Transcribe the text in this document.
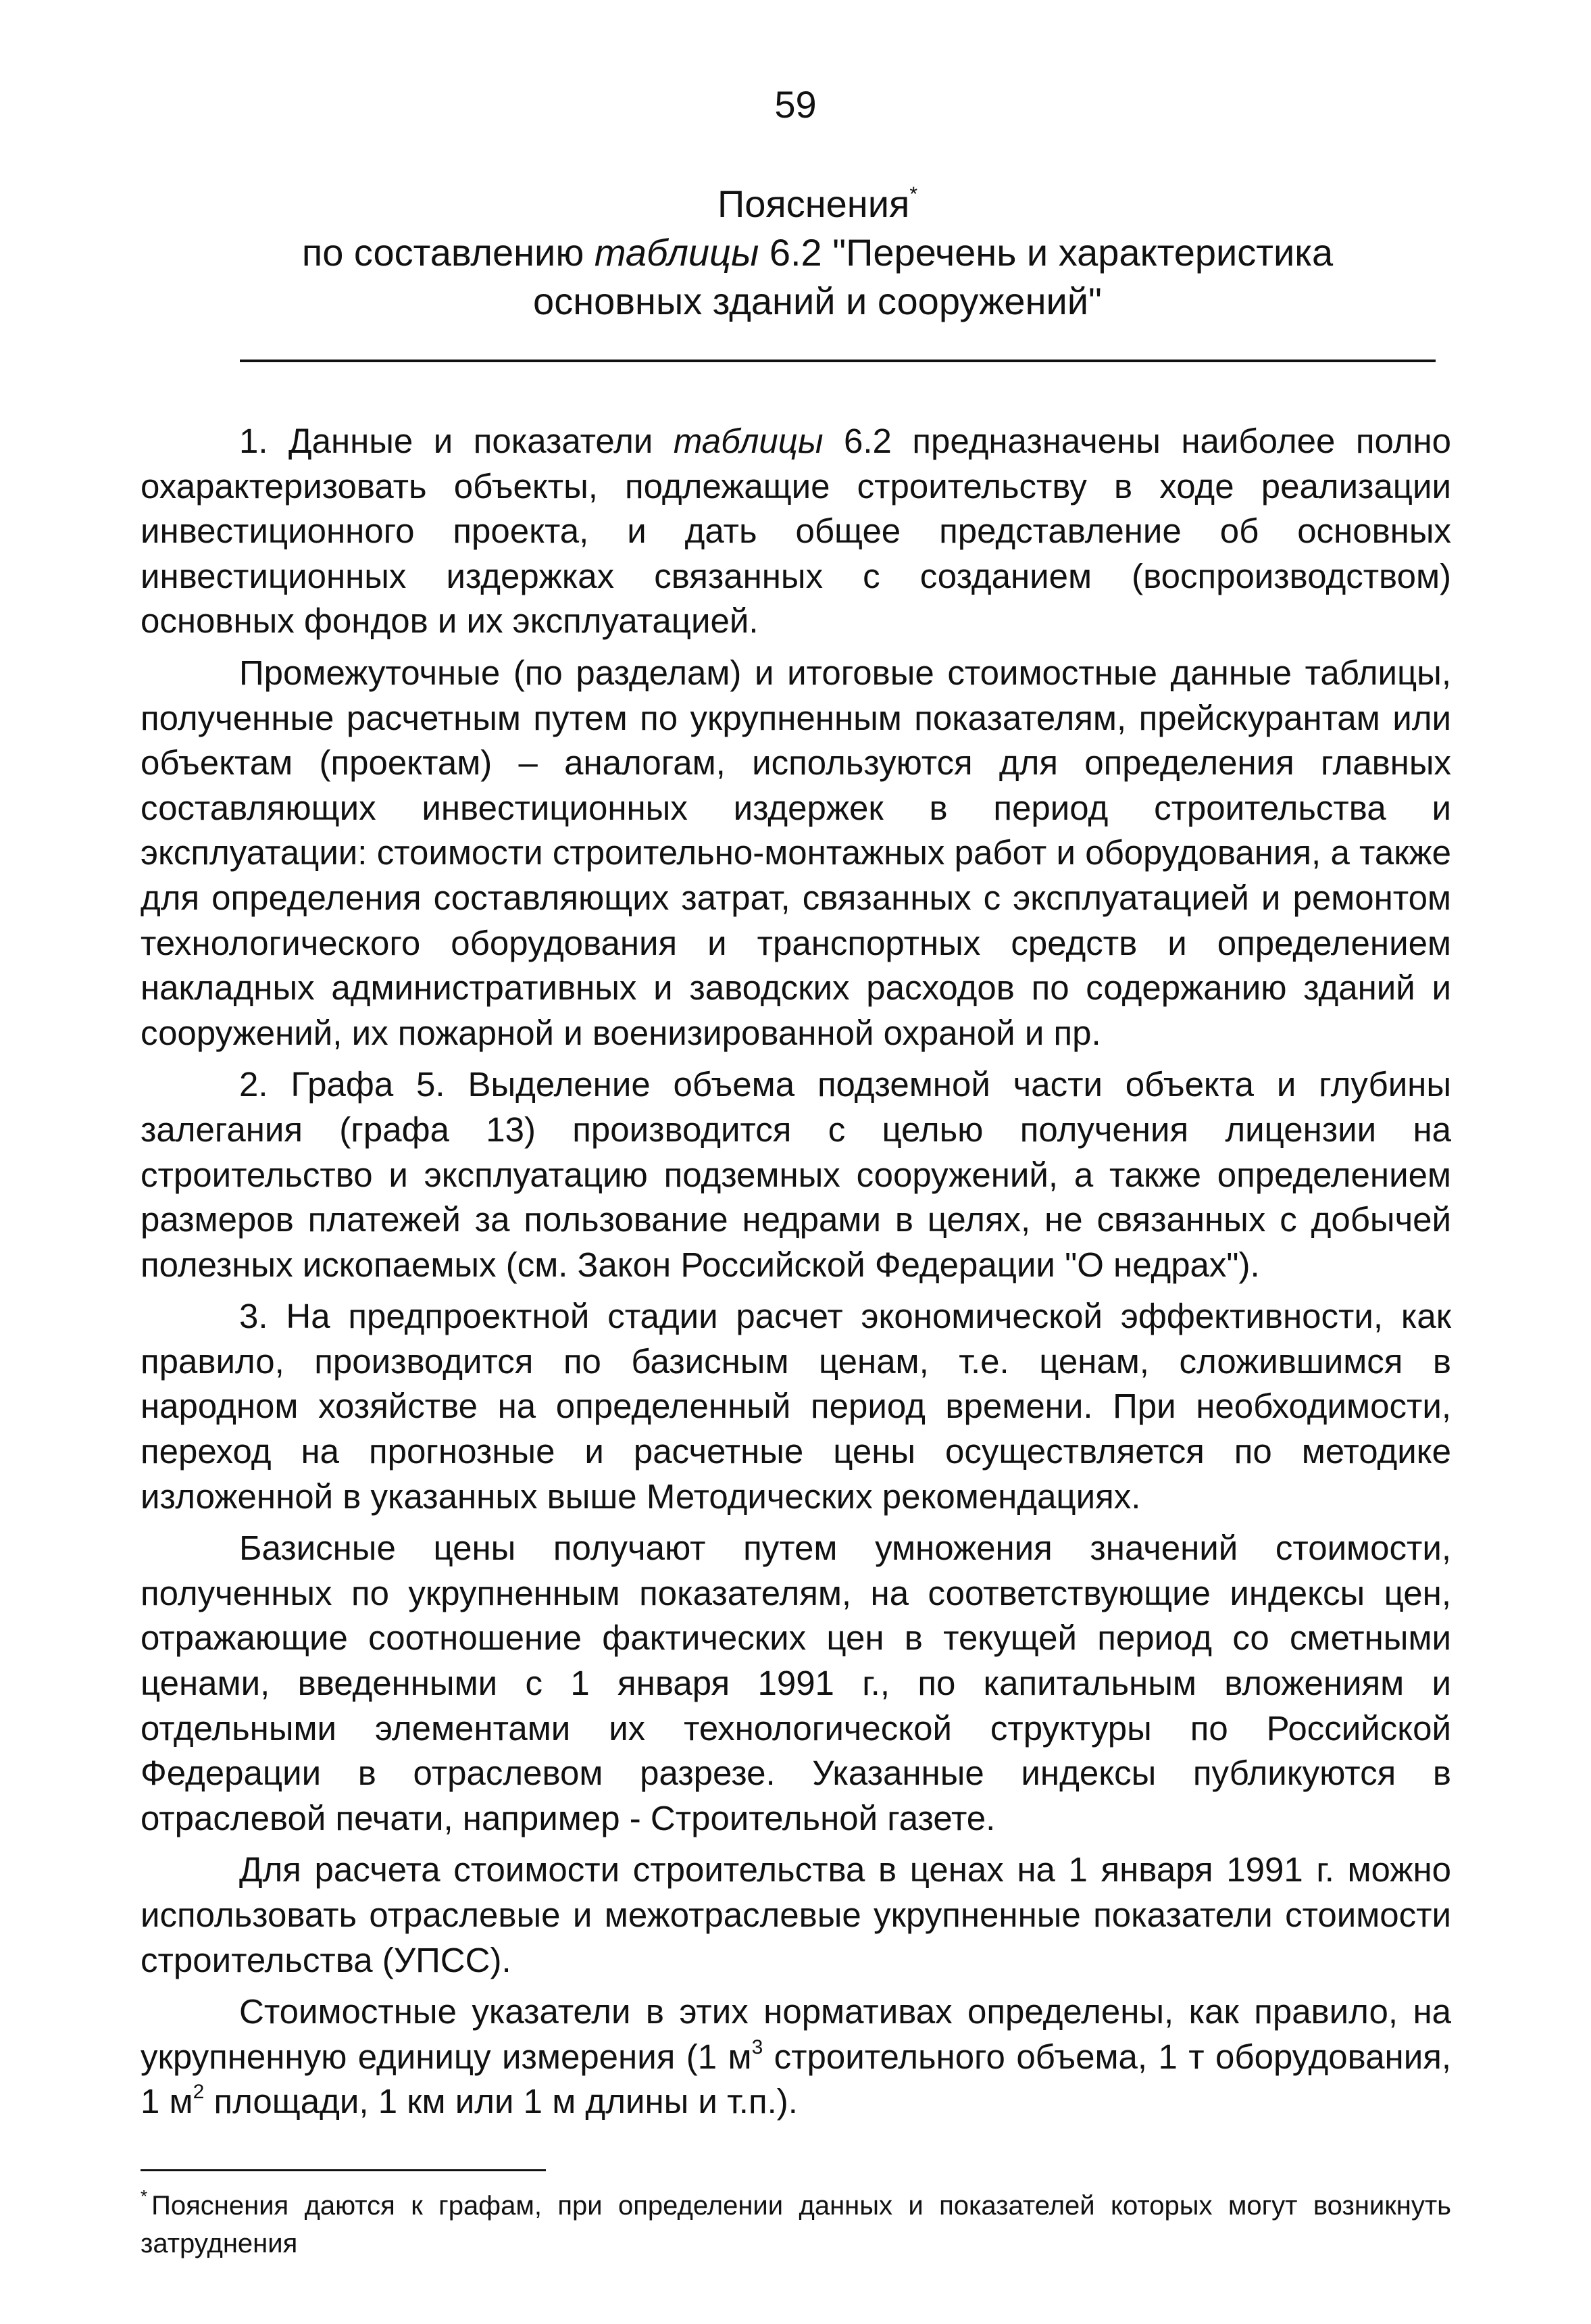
59
Пояснения*
по составлению таблицы 6.2 "Перечень и характеристика
основных зданий и сооружений"

1. Данные и показатели таблицы 6.2 предназначены наиболее полно охарактеризовать объекты, подлежащие строительству в ходе реализации инвестиционного проекта, и дать общее представление об основных инвестиционных издержках связанных с созданием (воспроизводством) основных фондов и их эксплуатацией.

Промежуточные (по разделам) и итоговые стоимостные данные таблицы, полученные расчетным путем по укрупненным показателям, прейскурантам или объектам (проектам) – аналогам, используются для определения главных составляющих инвестиционных издержек в период строительства и эксплуатации: стоимости строительно-монтажных работ и оборудования, а также для определения составляющих затрат, связанных с эксплуатацией и ремонтом технологического оборудования и транспортных средств и определением накладных административных и заводских расходов по содержанию зданий и сооружений, их пожарной и военизированной охраной и пр.

2. Графа 5. Выделение объема подземной части объекта и глубины залегания (графа 13) производится с целью получения лицензии на строительство и эксплуатацию подземных сооружений, а также определением размеров платежей за пользование недрами в целях, не связанных с добычей полезных ископаемых (см. Закон Российской Федерации "О недрах").

3. На предпроектной стадии расчет экономической эффективности, как правило, производится по базисным ценам, т.е. ценам, сложившимся в народном хозяйстве на определенный период времени. При необходимости, переход на прогнозные и расчетные цены осуществляется по методике изложенной в указанных выше Методических рекомендациях.

Базисные цены получают путем умножения значений стоимости, полученных по укрупненным показателям, на соответствующие индексы цен, отражающие соотношение фактических цен в текущей период со сметными ценами, введенными с 1 января 1991 г., по капитальным вложениям и отдельными элементами их технологической структуры по Российской Федерации в отраслевом разрезе. Указанные индексы публикуются в отраслевой печати, например - Строительной газете.

Для расчета стоимости строительства в ценах на 1 января 1991 г. можно использовать отраслевые и межотраслевые укрупненные показатели стоимости строительства (УПСС).

Стоимостные указатели в этих нормативах определены, как правило, на укрупненную единицу измерения (1 $м^3$ строительного объема, 1 т оборудования, 1 $м^2$ площади, 1 км или 1 м длины и т.п.).

* Пояснения даются к графам, при определении данных и показателей которых могут возникнуть затруднения
